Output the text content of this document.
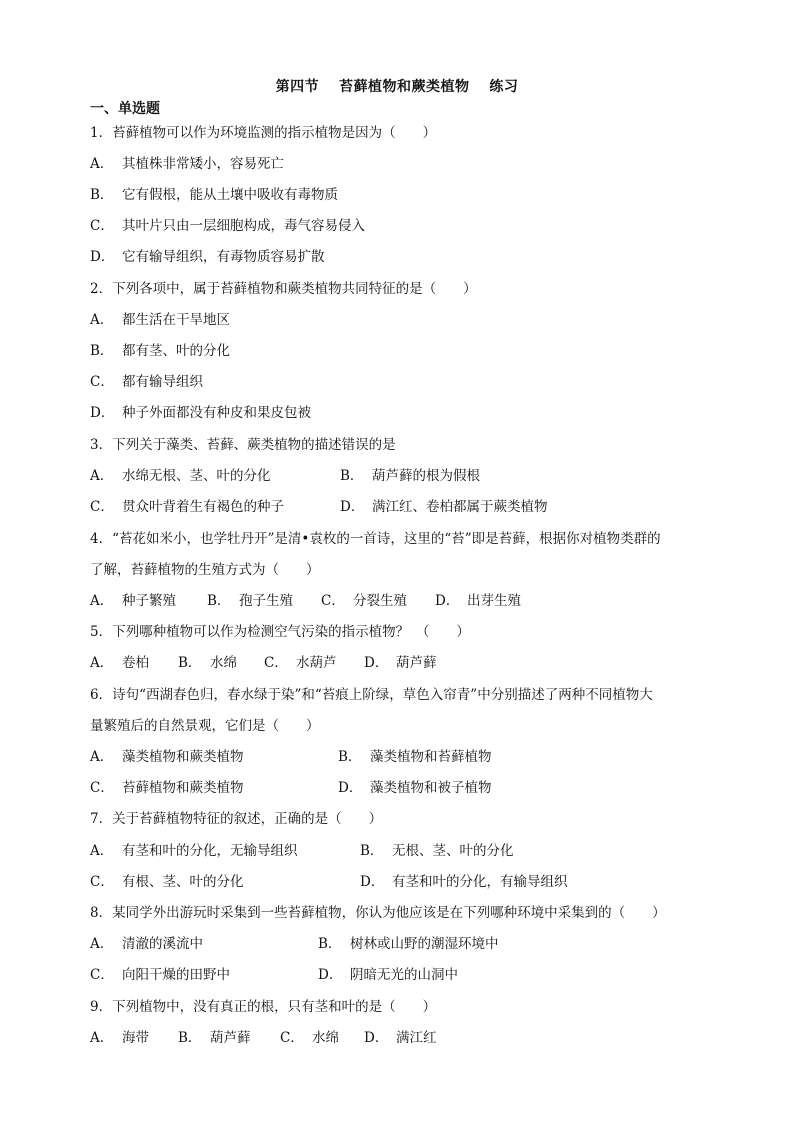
第四节　 苔藓植物和蕨类植物　 练习
一、单选题
1．苔藓植物可以作为环境监测的指示植物是因为（　　）
A． 其植株非常矮小，容易死亡
B． 它有假根，能从土壤中吸收有毒物质
C． 其叶片只由一层细胞构成，毒气容易侵入
D． 它有输导组织，有毒物质容易扩散
2．下列各项中，属于苔藓植物和蕨类植物共同特征的是（　　）
A． 都生活在干旱地区
B． 都有茎、叶的分化
C． 都有输导组织
D． 种子外面都没有种皮和果皮包被
3．下列关于藻类、苔藓、蕨类植物的描述错误的是
A． 水绵无根、茎、叶的分化	B． 葫芦藓的根为假根
C． 贯众叶背着生有褐色的种子	D． 满江红、卷柏都属于蕨类植物
4．“苔花如米小，也学牡丹开”是清•袁枚的一首诗，这里的“苔”即是苔藓，根据你对植物类群的
了解，苔藓植物的生殖方式为（　　）
A． 种子繁殖 B． 孢子生殖 C． 分裂生殖 D． 出芽生殖
5．下列哪种植物可以作为检测空气污染的指示植物？　（　　）
A． 卷柏 B． 水绵 C． 水葫芦 D． 葫芦藓
6．诗句“西湖春色归，春水绿于染”和“苔痕上阶绿，草色入帘青”中分别描述了两种不同植物大
量繁殖后的自然景观，它们是（　　）
A． 藻类植物和蕨类植物	B． 藻类植物和苔藓植物
C． 苔藓植物和蕨类植物	D． 藻类植物和被子植物
7．关于苔藓植物特征的叙述，正确的是（　　）
A． 有茎和叶的分化，无输导组织	B． 无根、茎、叶的分化
C． 有根、茎、叶的分化	D． 有茎和叶的分化，有输导组织
8．某同学外出游玩时采集到一些苔藓植物，你认为他应该是在下列哪种环境中采集到的（　　）
A． 清澈的溪流中	B． 树林或山野的潮湿环境中
C． 向阳干燥的田野中	D． 阴暗无光的山洞中
9．下列植物中，没有真正的根，只有茎和叶的是（　　）
A． 海带 B． 葫芦藓 C． 水绵 D． 满江红
